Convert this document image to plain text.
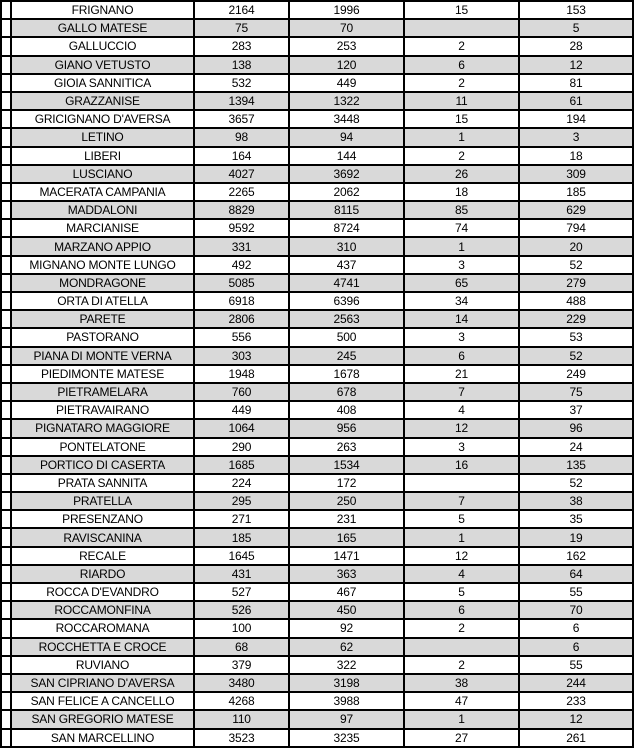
	FRIGNANO	2164	1996	15	153
	GALLO MATESE	75	70		5
	GALLUCCIO	283	253	2	28
	GIANO VETUSTO	138	120	6	12
	GIOIA SANNITICA	532	449	2	81
	GRAZZANISE	1394	1322	11	61
	GRICIGNANO D'AVERSA	3657	3448	15	194
	LETINO	98	94	1	3
	LIBERI	164	144	2	18
	LUSCIANO	4027	3692	26	309
	MACERATA CAMPANIA	2265	2062	18	185
	MADDALONI	8829	8115	85	629
	MARCIANISE	9592	8724	74	794
	MARZANO APPIO	331	310	1	20
	MIGNANO MONTE LUNGO	492	437	3	52
	MONDRAGONE	5085	4741	65	279
	ORTA DI ATELLA	6918	6396	34	488
	PARETE	2806	2563	14	229
	PASTORANO	556	500	3	53
	PIANA DI MONTE VERNA	303	245	6	52
	PIEDIMONTE MATESE	1948	1678	21	249
	PIETRAMELARA	760	678	7	75
	PIETRAVAIRANO	449	408	4	37
	PIGNATARO MAGGIORE	1064	956	12	96
	PONTELATONE	290	263	3	24
	PORTICO DI CASERTA	1685	1534	16	135
	PRATA SANNITA	224	172		52
	PRATELLA	295	250	7	38
	PRESENZANO	271	231	5	35
	RAVISCANINA	185	165	1	19
	RECALE	1645	1471	12	162
	RIARDO	431	363	4	64
	ROCCA D'EVANDRO	527	467	5	55
	ROCCAMONFINA	526	450	6	70
	ROCCAROMANA	100	92	2	6
	ROCCHETTA E CROCE	68	62		6
	RUVIANO	379	322	2	55
	SAN CIPRIANO D'AVERSA	3480	3198	38	244
	SAN FELICE A CANCELLO	4268	3988	47	233
	SAN GREGORIO MATESE	110	97	1	12
	SAN MARCELLINO	3523	3235	27	261
